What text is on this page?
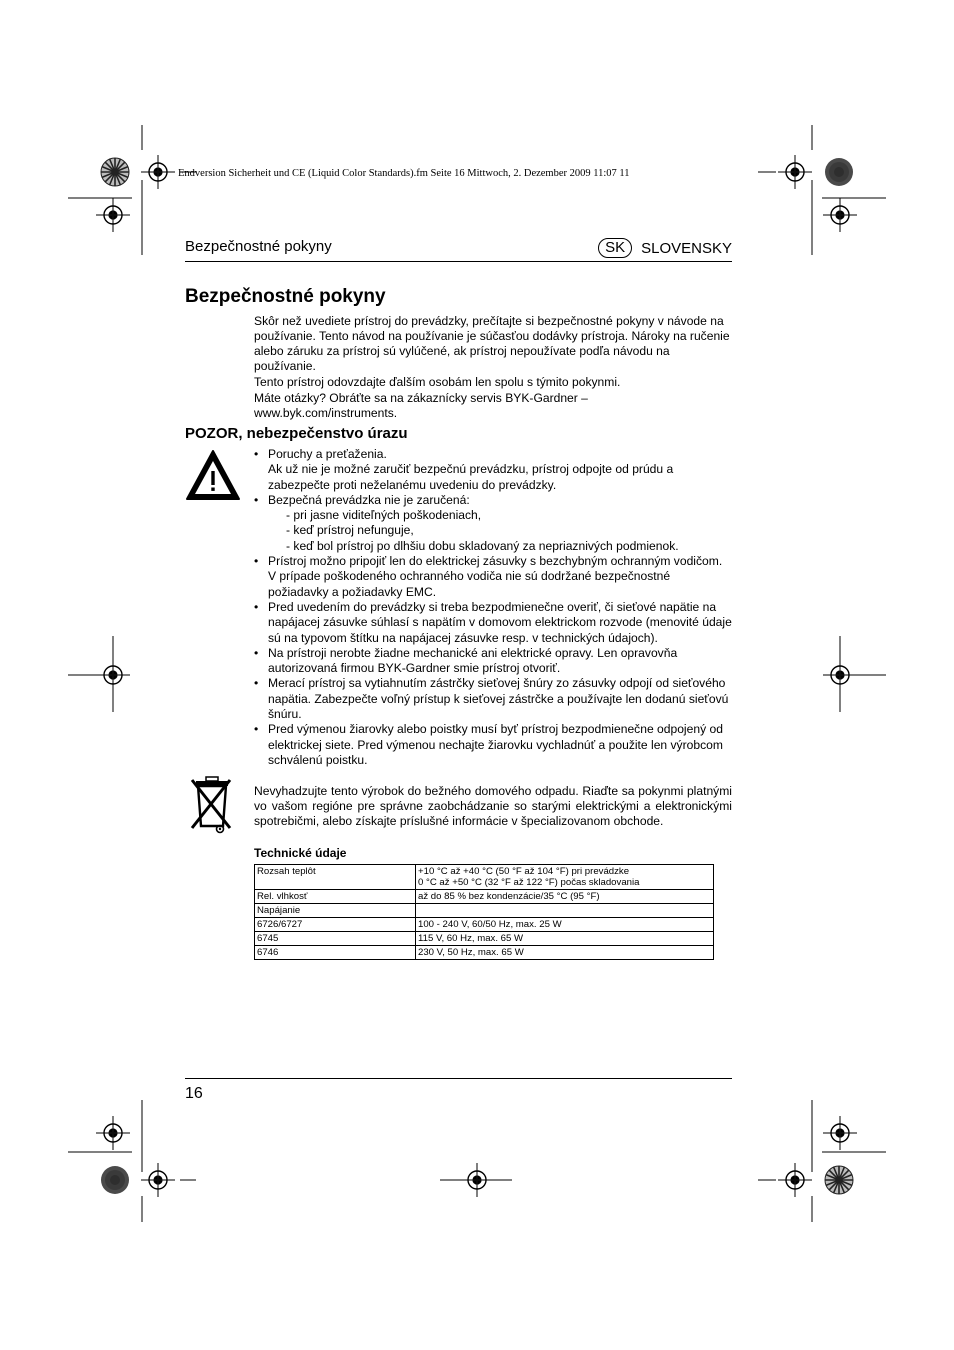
Endversion Sicherheit und CE (Liquid Color Standards).fm Seite 16 Mittwoch, 2. Dezember 2009 11:07 11
Bezpečnostné pokyny	SK	SLOVENSKY
Bezpečnostné pokyny

Skôr než uvediete prístroj do prevádzky, prečítajte si bezpečnostné pokyny v návode na používanie. Tento návod na používanie je súčasťou dodávky prístroja. Nároky na ručenie alebo záruku za prístroj sú vylúčené, ak prístroj nepoužívate podľa návodu na používanie.

Tento prístroj odovzdajte ďalším osobám len spolu s týmito pokynmi.

Máte otázky? Obráťte sa na zákaznícky servis BYK-Gardner – www.byk.com/instruments.

POZOR, nebezpečenstvo úrazu
• Poruchy a preťaženia.
Ak už nie je možné zaručiť bezpečnú prevádzku, prístroj odpojte od prúdu a zabezpečte proti neželanému uvedeniu do prevádzky.
• Bezpečná prevádzka nie je zaručená:
- pri jasne viditeľných poškodeniach,
- keď prístroj nefunguje,
- keď bol prístroj po dlhšiu dobu skladovaný za nepriaznivých podmienok.
• Prístroj možno pripojiť len do elektrickej zásuvky s bezchybným ochranným vodičom. V prípade poškodeného ochranného vodiča nie sú dodržané bezpečnostné požiadavky a požiadavky EMC.
• Pred uvedením do prevádzky si treba bezpodmienečne overiť, či sieťové napätie na napájacej zásuvke súhlasí s napätím v domovom elektrickom rozvode (menovité údaje sú na typovom štítku na napájacej zásuvke resp. v technických údajoch).
• Na prístroji nerobte žiadne mechanické ani elektrické opravy. Len opravovňa autorizovaná firmou BYK-Gardner smie prístroj otvoriť.
• Merací prístroj sa vytiahnutím zástrčky sieťovej šnúry zo zásuvky odpojí od sieťového napätia. Zabezpečte voľný prístup k sieťovej zástrčke a používajte len dodanú sieťovú šnúru.
• Pred výmenou žiarovky alebo poistky musí byť prístroj bezpodmienečne odpojený od elektrickej siete. Pred výmenou nechajte žiarovku vychladnúť a použite len výrobcom schválenú poistku.
Nevyhadzujte tento výrobok do bežného domového odpadu. Riaďte sa pokynmi platnými vo vašom regióne pre správne zaobchádzanie so starými elektrickými a elektronickými spotrebičmi, alebo získajte príslušné informácie v špecializovanom obchode.
Technické údaje
Rozsah teplôt	+10 °C až +40 °C (50 °F až 104 °F) pri prevádzke
0 °C až +50 °C (32 °F až 122 °F) počas skladovania

Rel. vlhkosť	až do 85 % bez kondenzácie/35 °C (95 °F)
Napájanie	
6726/6727	100 - 240 V, 60/50 Hz, max. 25 W
6745	115 V, 60 Hz, max. 65 W
6746	230 V, 50 Hz, max. 65 W
16
